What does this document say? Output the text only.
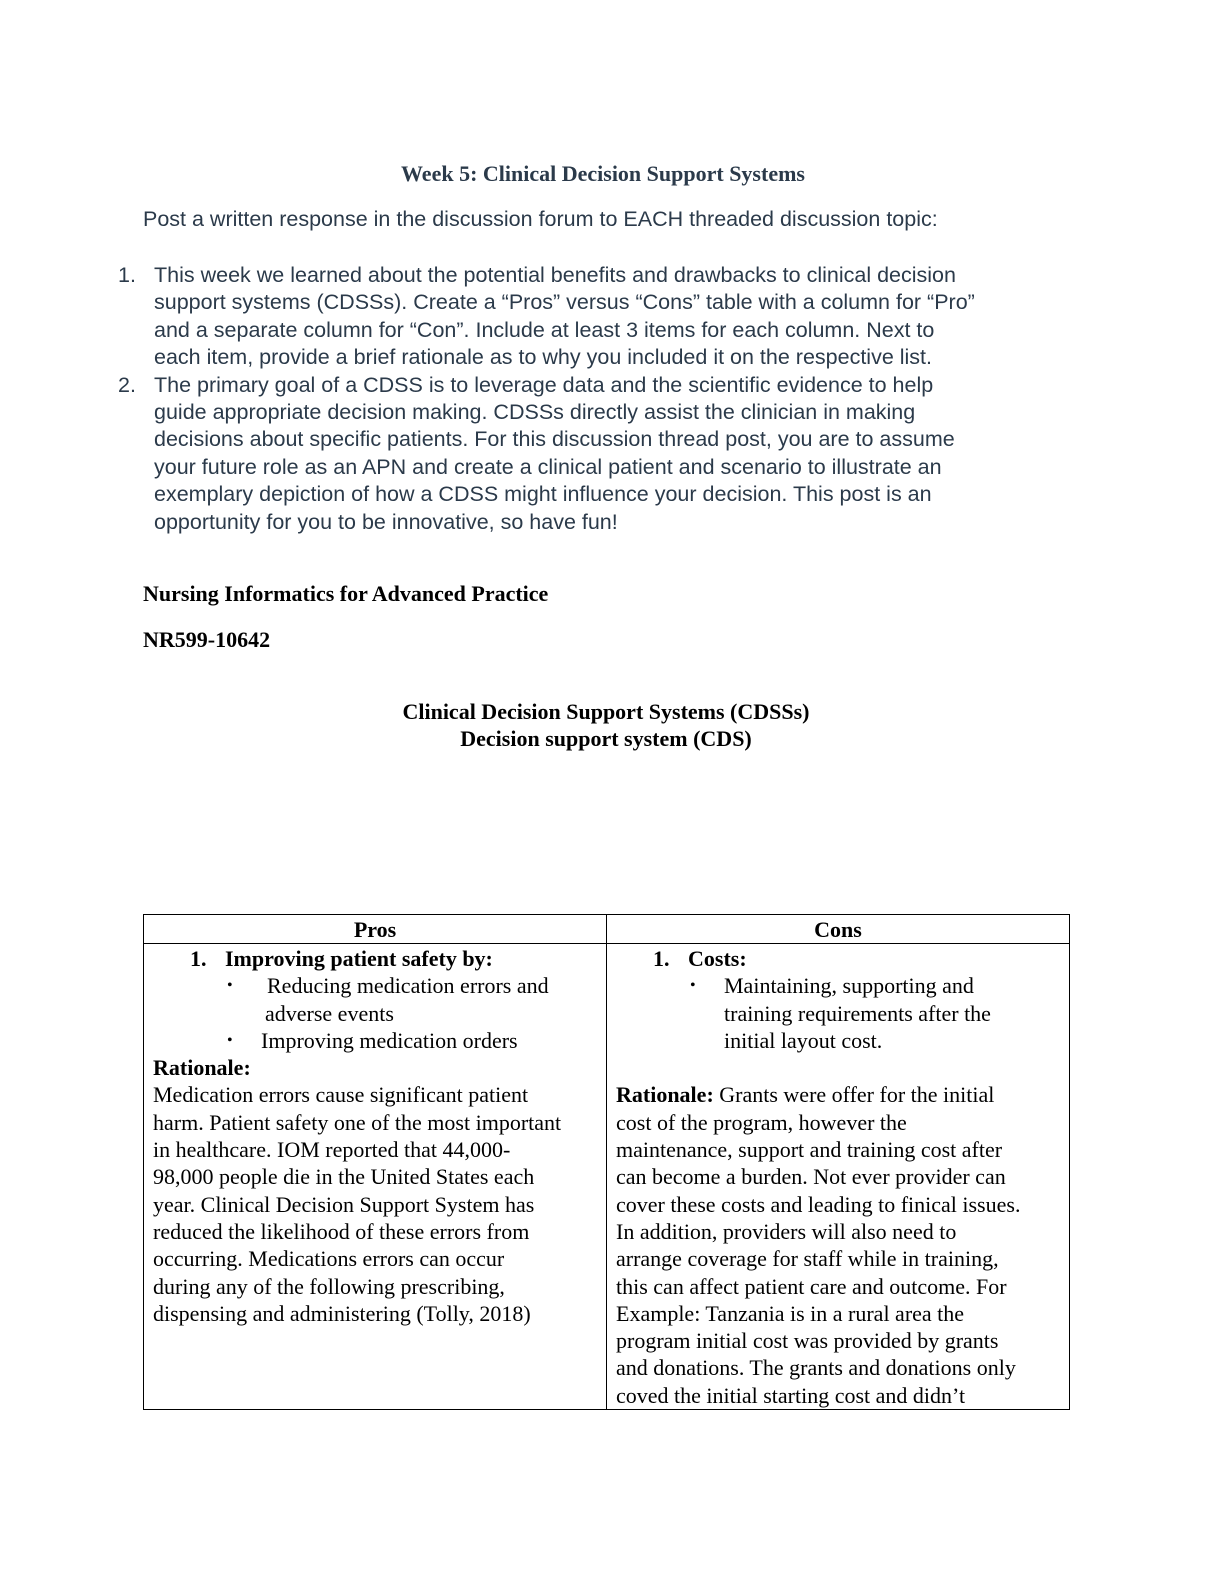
Week 5: Clinical Decision Support Systems
Post a written response in the discussion forum to EACH threaded discussion topic:
1. This week we learned about the potential benefits and drawbacks to clinical decision
support systems (CDSSs). Create a “Pros” versus “Cons” table with a column for “Pro”
and a separate column for “Con”. Include at least 3 items for each column. Next to
each item, provide a brief rationale as to why you included it on the respective list.
2. The primary goal of a CDSS is to leverage data and the scientific evidence to help
guide appropriate decision making. CDSSs directly assist the clinician in making
decisions about specific patients. For this discussion thread post, you are to assume
your future role as an APN and create a clinical patient and scenario to illustrate an
exemplary depiction of how a CDSS might influence your decision. This post is an
opportunity for you to be innovative, so have fun!
Nursing Informatics for Advanced Practice
NR599-10642
Clinical Decision Support Systems (CDSSs)
Decision support system (CDS)
Pros	Cons
1. Improving patient safety by:
• Reducing medication errors and
adverse events
• Improving medication orders
Rationale:
Medication errors cause significant patient
harm. Patient safety one of the most important
in healthcare. IOM reported that 44,000-
98,000 people die in the United States each
year. Clinical Decision Support System has
reduced the likelihood of these errors from
occurring. Medications errors can occur
during any of the following prescribing,
dispensing and administering (Tolly, 2018)
1. Costs:
• Maintaining, supporting and
training requirements after the
initial layout cost.
Rationale: Grants were offer for the initial
cost of the program, however the
maintenance, support and training cost after
can become a burden. Not ever provider can
cover these costs and leading to finical issues.
In addition, providers will also need to
arrange coverage for staff while in training,
this can affect patient care and outcome. For
Example: Tanzania is in a rural area the
program initial cost was provided by grants
and donations. The grants and donations only
coved the initial starting cost and didn’t
